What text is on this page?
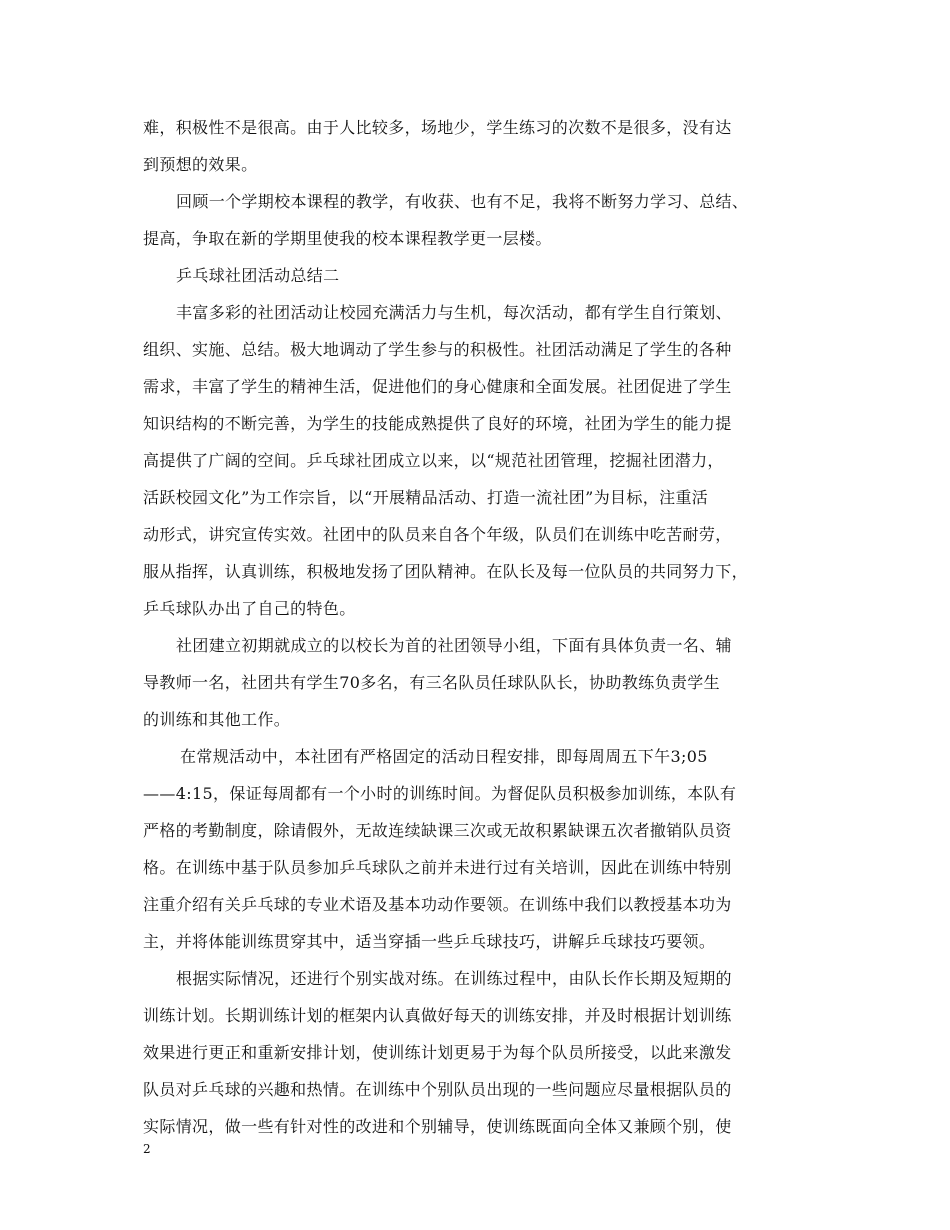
难，积极性不是很高。由于人比较多，场地少，学生练习的次数不是很多，没有达
到预想的效果。
回顾一个学期校本课程的教学，有收获、也有不足，我将不断努力学习、总结、
提高，争取在新的学期里使我的校本课程教学更一层楼。
乒乓球社团活动总结二
丰富多彩的社团活动让校园充满活力与生机，每次活动，都有学生自行策划、
组织、实施、总结。极大地调动了学生参与的积极性。社团活动满足了学生的各种
需求，丰富了学生的精神生活，促进他们的身心健康和全面发展。社团促进了学生
知识结构的不断完善，为学生的技能成熟提供了良好的环境，社团为学生的能力提
高提供了广阔的空间。乒乓球社团成立以来，以“规范社团管理，挖掘社团潜力，
活跃校园文化”为工作宗旨，以“开展精品活动、打造一流社团”为目标，注重活
动形式，讲究宣传实效。社团中的队员来自各个年级，队员们在训练中吃苦耐劳，
服从指挥，认真训练，积极地发扬了团队精神。在队长及每一位队员的共同努力下，
乒乓球队办出了自己的特色。
社团建立初期就成立的以校长为首的社团领导小组，下面有具体负责一名、辅
导教师一名，社团共有学生70多名，有三名队员任球队队长，协助教练负责学生
的训练和其他工作。
在常规活动中，本社团有严格固定的活动日程安排，即每周周五下午3;05
——4:15，保证每周都有一个小时的训练时间。为督促队员积极参加训练，本队有
严格的考勤制度，除请假外，无故连续缺课三次或无故积累缺课五次者撤销队员资
格。在训练中基于队员参加乒乓球队之前并未进行过有关培训，因此在训练中特别
注重介绍有关乒乓球的专业术语及基本功动作要领。在训练中我们以教授基本功为
主，并将体能训练贯穿其中，适当穿插一些乒乓球技巧，讲解乒乓球技巧要领。
根据实际情况，还进行个别实战对练。在训练过程中，由队长作长期及短期的
训练计划。长期训练计划的框架内认真做好每天的训练安排，并及时根据计划训练
效果进行更正和重新安排计划，使训练计划更易于为每个队员所接受，以此来激发
队员对乒乓球的兴趣和热情。在训练中个别队员出现的一些问题应尽量根据队员的
实际情况，做一些有针对性的改进和个别辅导，使训练既面向全体又兼顾个别，使
2
